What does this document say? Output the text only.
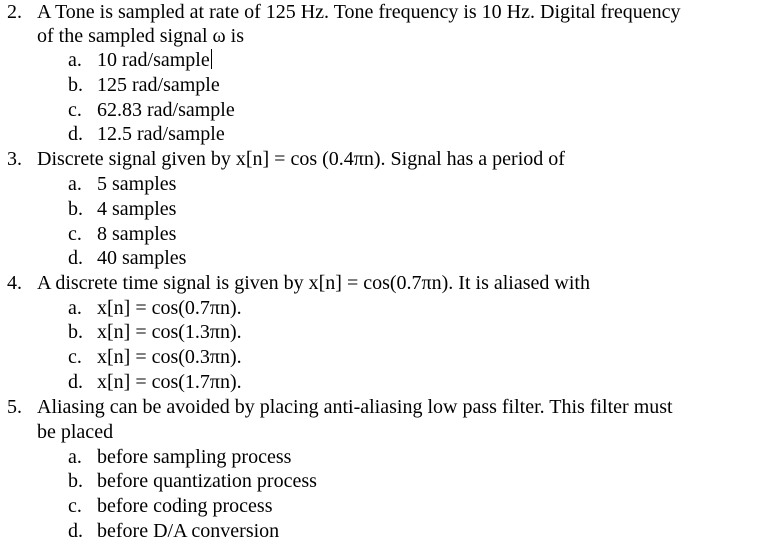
2. A Tone is sampled at rate of 125 Hz. Tone frequency is 10 Hz. Digital frequency
of the sampled signal ω is
a. 10 rad/sample
b. 125 rad/sample
c. 62.83 rad/sample
d. 12.5 rad/sample
3. Discrete signal given by x[n] = cos (0.4πn). Signal has a period of
a. 5 samples
b. 4 samples
c. 8 samples
d. 40 samples
4. A discrete time signal is given by x[n] = cos(0.7πn). It is aliased with
a. x[n] = cos(0.7πn).
b. x[n] = cos(1.3πn).
c. x[n] = cos(0.3πn).
d. x[n] = cos(1.7πn).
5. Aliasing can be avoided by placing anti-aliasing low pass filter. This filter must
be placed
a. before sampling process
b. before quantization process
c. before coding process
d. before D/A conversion
